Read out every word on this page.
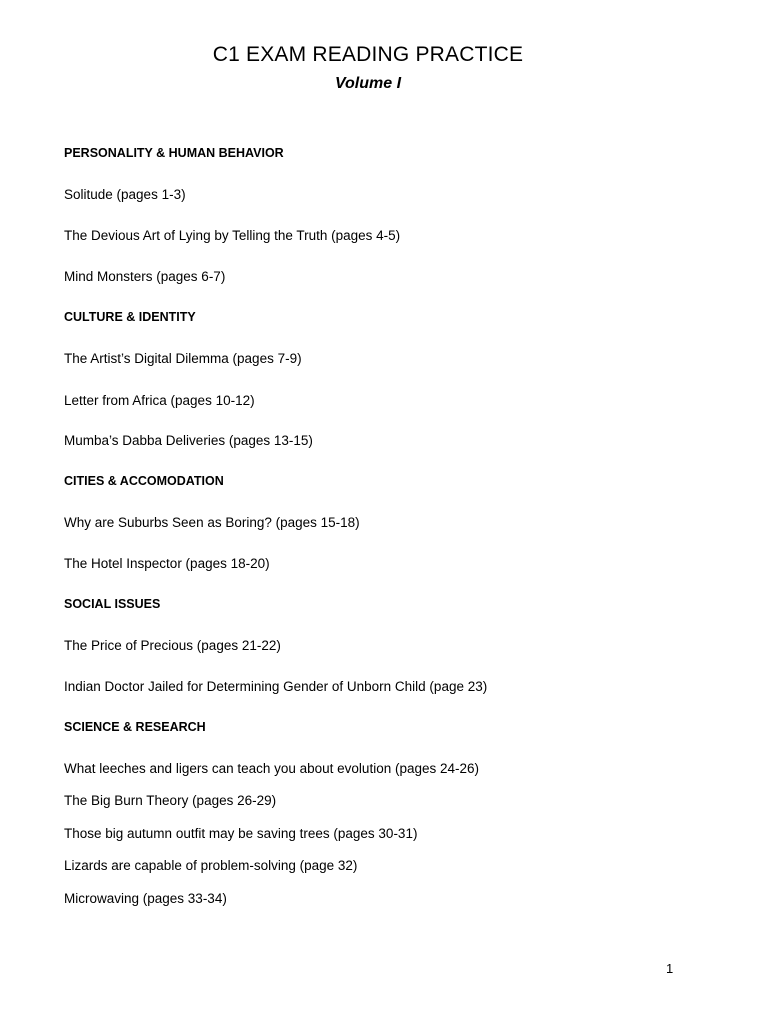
C1 EXAM READING PRACTICE
Volume I
PERSONALITY & HUMAN BEHAVIOR
Solitude (pages 1-3)
The Devious Art of Lying by Telling the Truth (pages 4-5)
Mind Monsters (pages 6-7)
CULTURE & IDENTITY
The Artist’s Digital Dilemma (pages 7-9)
Letter from Africa (pages 10-12)
Mumba’s Dabba Deliveries (pages 13-15)
CITIES & ACCOMODATION
Why are Suburbs Seen as Boring? (pages 15-18)
The Hotel Inspector (pages 18-20)
SOCIAL ISSUES
The Price of Precious (pages 21-22)
Indian Doctor Jailed for Determining Gender of Unborn Child (page 23)
SCIENCE & RESEARCH
What leeches and ligers can teach you about evolution (pages 24-26)
The Big Burn Theory (pages 26-29)
Those big autumn outfit may be saving trees (pages 30-31)
Lizards are capable of problem-solving (page 32)
Microwaving (pages 33-34)
1
